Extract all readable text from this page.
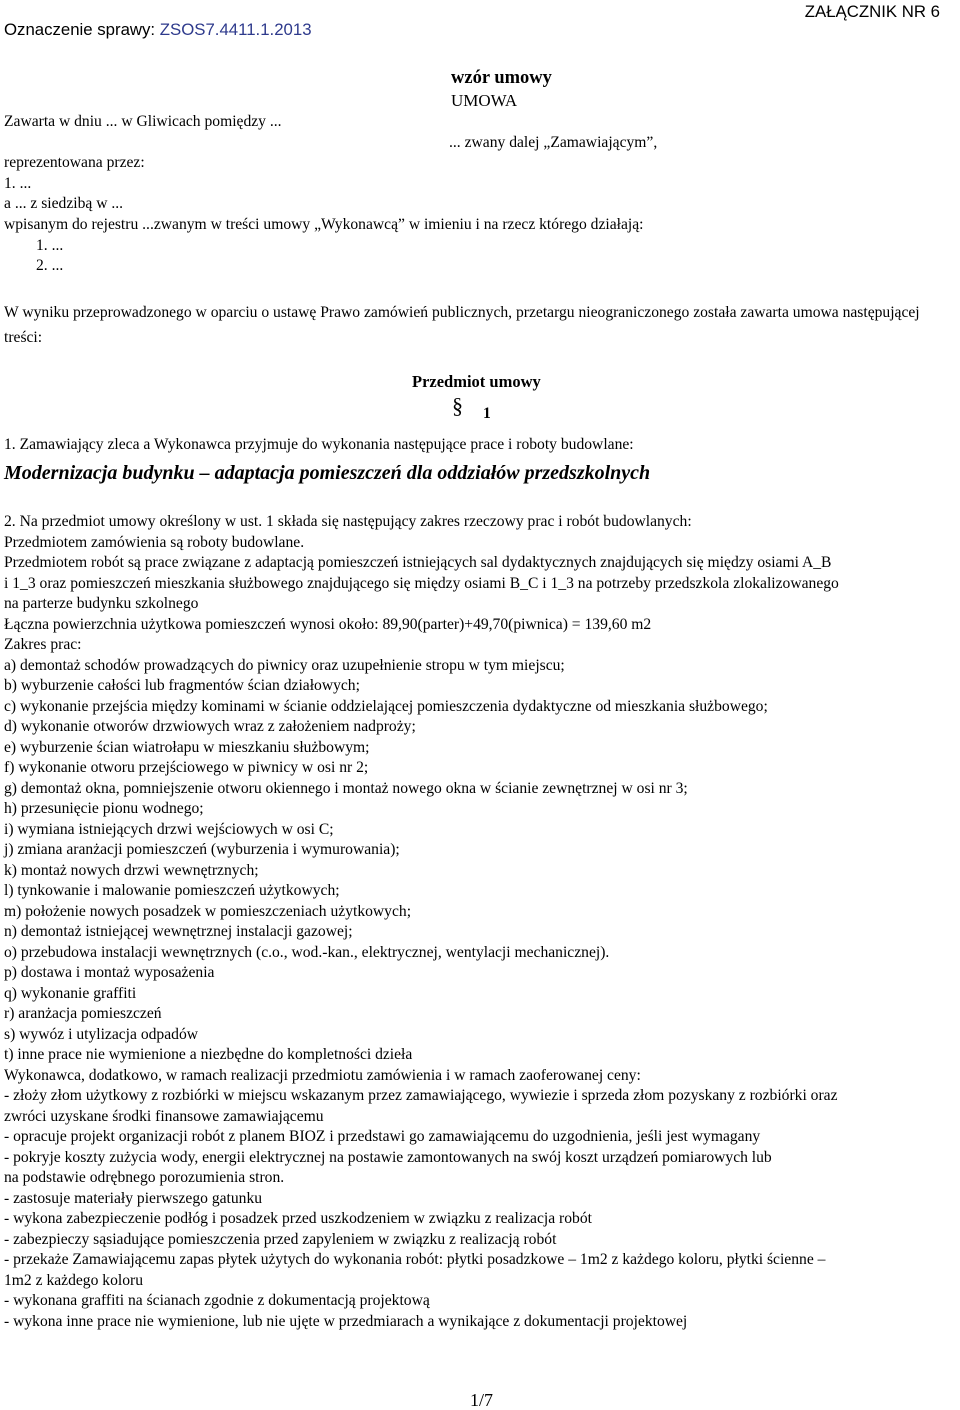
Oznaczenie sprawy: ZSOS7.4411.1.2013
ZAŁĄCZNIK NR 6
wzór umowy
UMOWA
Zawarta w dniu ... w Gliwicach pomiędzy ...
... zwany dalej „Zamawiającym”,
reprezentowana przez:
1. ...
a ... z siedzibą w ...
wpisanym do rejestru ...zwanym w treści umowy „Wykonawcą” w imieniu i na rzecz którego działają:
1. ...
2. ...
W wyniku przeprowadzonego w oparciu o ustawę Prawo zamówień publicznych, przetargu nieograniczonego została zawarta umowa następującej treści:
Przedmiot umowy
§ 1
1. Zamawiający zleca a Wykonawca przyjmuje do wykonania następujące prace i roboty budowlane:
Modernizacja budynku – adaptacja pomieszczeń dla oddziałów przedszkolnych
2. Na przedmiot umowy określony w ust. 1 składa się następujący zakres rzeczowy prac i robót budowlanych:
Przedmiotem zamówienia są roboty budowlane.
Przedmiotem robót są prace związane z adaptacją pomieszczeń istniejących sal dydaktycznych znajdujących się między osiami A_B
i 1_3 oraz pomieszczeń mieszkania służbowego znajdującego się między osiami B_C i 1_3 na potrzeby przedszkola zlokalizowanego
na parterze budynku szkolnego
Łączna powierzchnia użytkowa pomieszczeń wynosi około: 89,90(parter)+49,70(piwnica) = 139,60 m2
Zakres prac:
a) demontaż schodów prowadzących do piwnicy oraz uzupełnienie stropu w tym miejscu;
b) wyburzenie całości lub fragmentów ścian działowych;
c) wykonanie przejścia między kominami w ścianie oddzielającej pomieszczenia dydaktyczne od mieszkania służbowego;
d) wykonanie otworów drzwiowych wraz z założeniem nadproży;
e) wyburzenie ścian wiatrołapu w mieszkaniu służbowym;
f) wykonanie otworu przejściowego w piwnicy w osi nr 2;
g) demontaż okna, pomniejszenie otworu okiennego i montaż nowego okna w ścianie zewnętrznej w osi nr 3;
h) przesunięcie pionu wodnego;
i) wymiana istniejących drzwi wejściowych w osi C;
j) zmiana aranżacji pomieszczeń (wyburzenia i wymurowania);
k) montaż nowych drzwi wewnętrznych;
l) tynkowanie i malowanie pomieszczeń użytkowych;
m) położenie nowych posadzek w pomieszczeniach użytkowych;
n) demontaż istniejącej wewnętrznej instalacji gazowej;
o) przebudowa instalacji wewnętrznych (c.o., wod.-kan., elektrycznej, wentylacji mechanicznej).
p) dostawa i montaż wyposażenia
q) wykonanie graffiti
r) aranżacja pomieszczeń
s) wywóz i utylizacja odpadów
t) inne prace nie wymienione a niezbędne do kompletności dzieła
Wykonawca, dodatkowo, w ramach realizacji przedmiotu zamówienia i w ramach zaoferowanej ceny:
- złoży złom użytkowy z rozbiórki w miejscu wskazanym przez zamawiającego, wywiezie i sprzeda złom pozyskany z rozbiórki oraz
zwróci uzyskane środki finansowe zamawiającemu
- opracuje projekt organizacji robót z planem BIOZ i przedstawi go zamawiającemu do uzgodnienia, jeśli jest wymagany
- pokryje koszty zużycia wody, energii elektrycznej na postawie zamontowanych na swój koszt urządzeń pomiarowych lub
na podstawie odrębnego porozumienia stron.
- zastosuje materiały pierwszego gatunku
- wykona zabezpieczenie podłóg i posadzek przed uszkodzeniem w związku z realizacja robót
- zabezpieczy sąsiadujące pomieszczenia przed zapyleniem w związku z realizacją robót
- przekaże Zamawiającemu zapas płytek użytych do wykonania robót: płytki posadzkowe – 1m2 z każdego koloru, płytki ścienne –
1m2 z każdego koloru
- wykonana graffiti na ścianach zgodnie z dokumentacją projektową
- wykona inne prace nie wymienione, lub nie ujęte w przedmiarach a wynikające z dokumentacji projektowej
1/7
